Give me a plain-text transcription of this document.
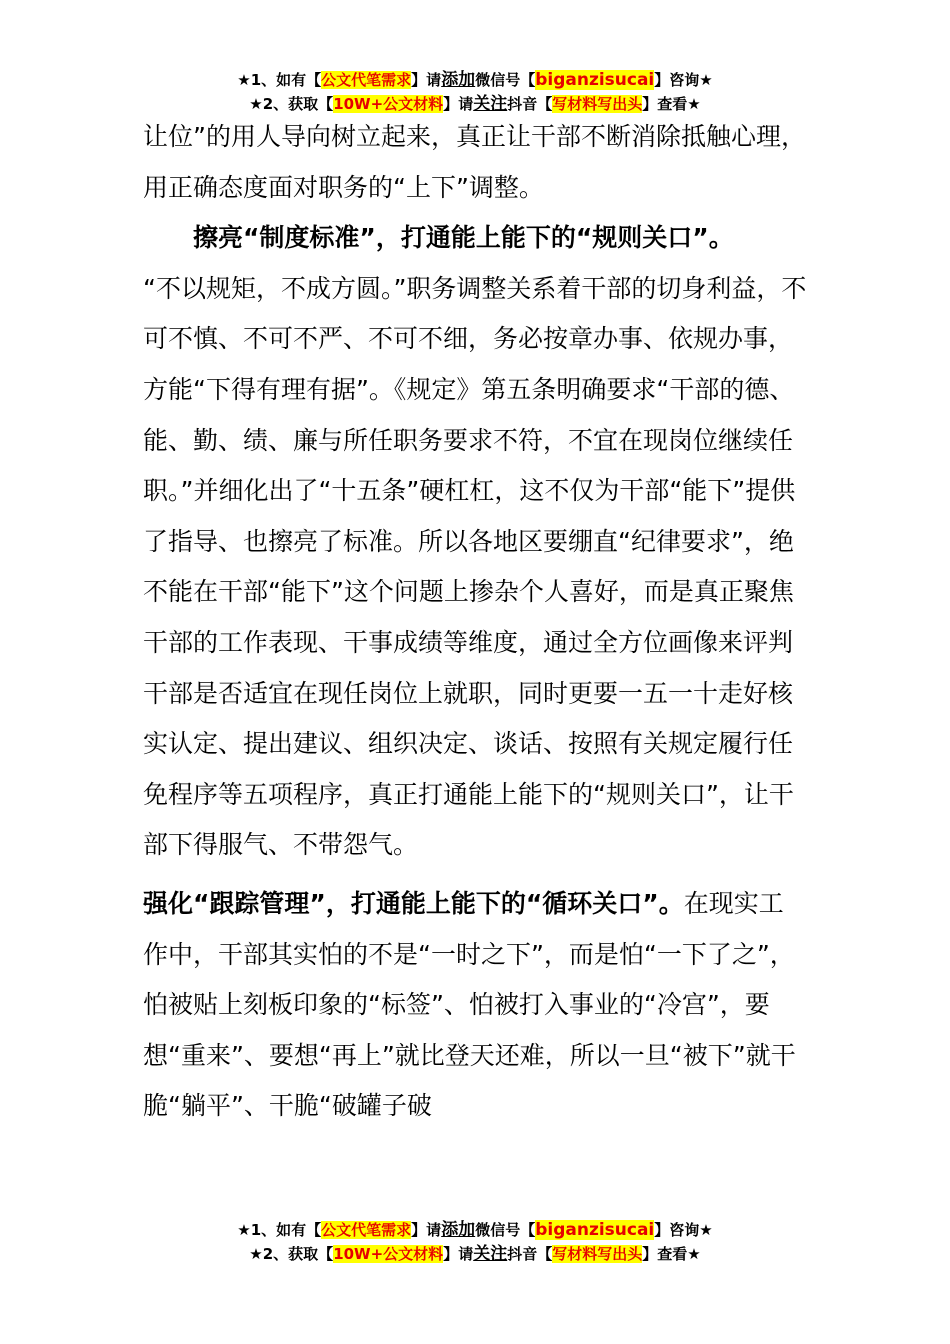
★1、如有【公文代笔需求】请添加微信号【biganzisucai】咨询★
★2、获取【10W+公文材料】请关注抖音【写材料写出头】查看★

让位”的用人导向树立起来，真正让干部不断消除抵触心理，用正确态度面对职务的“上下”调整。

擦亮“制度标准”，打通能上能下的“规则关口”。

“不以规矩，不成方圆。”职务调整关系着干部的切身利益，不可不慎、不可不严、不可不细，务必按章办事、依规办事，方能“下得有理有据”。《规定》第五条明确要求“干部的德、能、勤、绩、廉与所任职务要求不符，不宜在现岗位继续任职。”并细化出了“十五条”硬杠杠，这不仅为干部“能下”提供了指导、也擦亮了标准。所以各地区要绷直“纪律要求”，绝不能在干部“能下”这个问题上掺杂个人喜好，而是真正聚焦干部的工作表现、干事成绩等维度，通过全方位画像来评判干部是否适宜在现任岗位上就职，同时更要一五一十走好核实认定、提出建议、组织决定、谈话、按照有关规定履行任免程序等五项程序，真正打通能上能下的“规则关口”，让干部下得服气、不带怨气。

强化“跟踪管理”，打通能上能下的“循环关口”。在现实工作中，干部其实怕的不是“一时之下”，而是怕“一下了之”，怕被贴上刻板印象的“标签”、怕被打入事业的“冷宫”，要想“重来”、要想“再上”就比登天还难，所以一旦“被下”就干脆“躺平”、干脆“破罐子破

★1、如有【公文代笔需求】请添加微信号【biganzisucai】咨询★
★2、获取【10W+公文材料】请关注抖音【写材料写出头】查看★
